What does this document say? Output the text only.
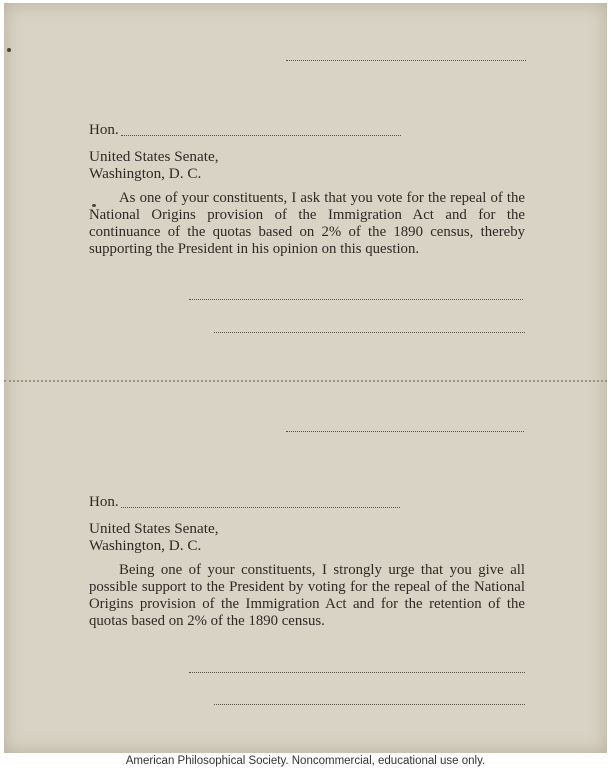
Hon.
United States Senate,
Washington, D. C.
As one of your constituents, I ask that you vote for the repeal of the National Origins provision of the Immigration Act and for the continuance of the quotas based on 2% of the 1890 census, thereby supporting the President in his opinion on this question.
Hon.
United States Senate,
Washington, D. C.
Being one of your constituents, I strongly urge that you give all possible support to the President by voting for the repeal of the National Origins provision of the Immigration Act and for the retention of the quotas based on 2% of the 1890 census.
American Philosophical Society. Noncommercial, educational use only.
